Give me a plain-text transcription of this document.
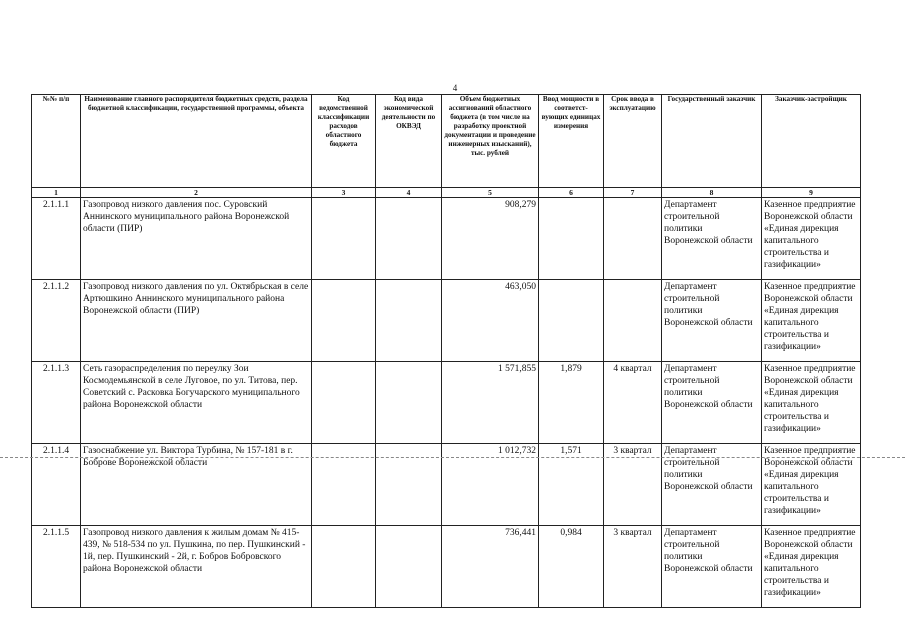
4
№№ п/п	Наименование главного распорядителя бюджетных средств, раздела бюджетной классификации, государственной программы, объекта	Код ведомственной классификации расходов областного бюджета	Код вида экономической деятельности по ОКВЭД	Объем бюджетных ассигнований областного бюджета (в том числе на разработку проектной документации и проведение инженерных изысканий), тыс. рублей	Ввод мощности в соответст-вующих единицах измерения	Срок ввода в эксплуатацию	Государственный заказчик	Заказчик-застройщик
1	2	3	4	5	6	7	8	9
2.1.1.1	Газопровод низкого давления пос. Суровский Аннинского муниципального района Воронежской области (ПИР)			908,279			Департамент строительной политики Воронежской области	Казенное предприятие Воронежской области «Единая дирекция капитального строительства и газификации»
2.1.1.2	Газопровод низкого давления по ул. Октябрьская в селе Артюшкино Аннинского муниципального района Воронежской области (ПИР)			463,050			Департамент строительной политики Воронежской области	Казенное предприятие Воронежской области «Единая дирекция капитального строительства и газификации»
2.1.1.3	Сеть газораспределения по переулку Зои Космодемьянской в селе Луговое, по ул. Титова, пер. Советский с. Расковка Богучарского муниципального района Воронежской области			1 571,855	1,879	4 квартал	Департамент строительной политики Воронежской области	Казенное предприятие Воронежской области «Единая дирекция капитального строительства и газификации»
2.1.1.4	Газоснабжение ул. Виктора Турбина, № 157-181 в г. Боброве Воронежской области			1 012,732	1,571	3 квартал	Департамент строительной политики Воронежской области	Казенное предприятие Воронежской области «Единая дирекция капитального строительства и газификации»
2.1.1.5	Газопровод низкого давления к жилым домам № 415-439, № 518-534 по ул. Пушкина, по пер. Пушкинский - 1й, пер. Пушкинский - 2й, г. Бобров Бобровского района Воронежской области			736,441	0,984	3 квартал	Департамент строительной политики Воронежской области	Казенное предприятие Воронежской области «Единая дирекция капитального строительства и газификации»
